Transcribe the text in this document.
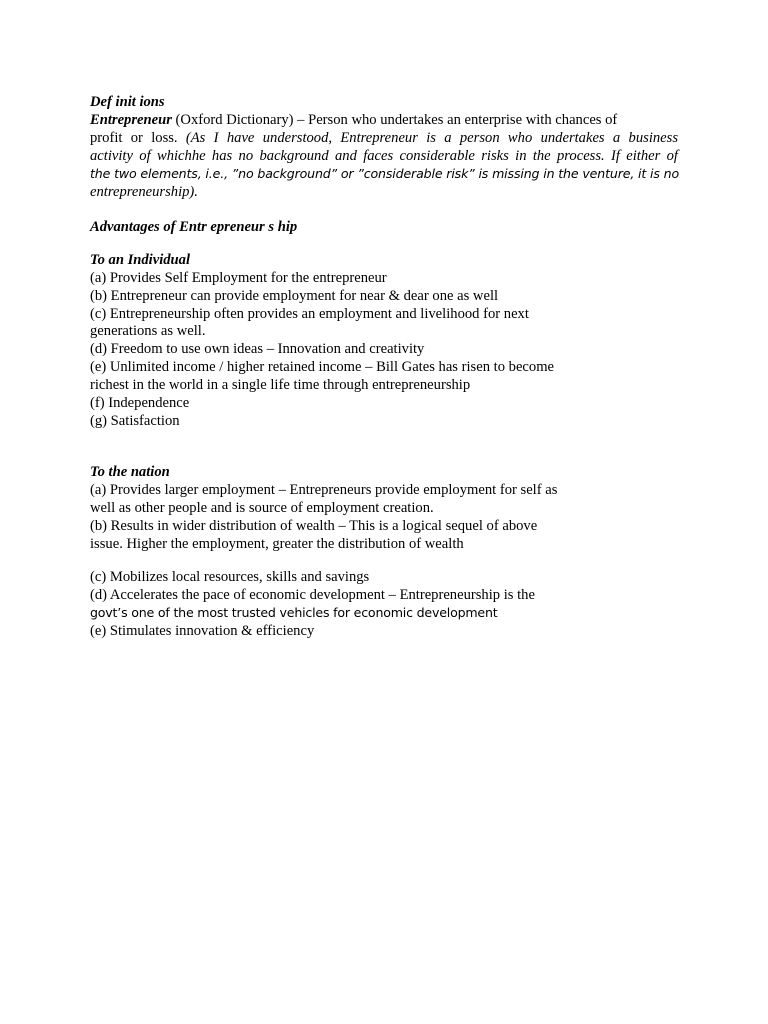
Def init ions
Entrepreneur (Oxford Dictionary) – Person who undertakes an enterprise with chances of
profit or loss. (As I have understood, Entrepreneur is a person who undertakes a business
activity of whichhe has no background and faces considerable risks in the process. If either of
the two elements, i.e., ”no background” or ”considerable risk” is missing in the venture, it is no
entrepreneurship).
Advantages of Entr epreneur s hip
To an Individual
(a) Provides Self Employment for the entrepreneur
(b) Entrepreneur can provide employment for near & dear one as well
(c) Entrepreneurship often provides an employment and livelihood for next
generations as well.
(d) Freedom to use own ideas – Innovation and creativity
(e) Unlimited income / higher retained income – Bill Gates has risen to become
richest in the world in a single life time through entrepreneurship
(f) Independence
(g) Satisfaction
To the nation
(a) Provides larger employment – Entrepreneurs provide employment for self as
well as other people and is source of employment creation.
(b) Results in wider distribution of wealth – This is a logical sequel of above
issue. Higher the employment, greater the distribution of wealth
(c) Mobilizes local resources, skills and savings
(d) Accelerates the pace of economic development – Entrepreneurship is the
govt’s one of the most trusted vehicles for economic development
(e) Stimulates innovation & efficiency
